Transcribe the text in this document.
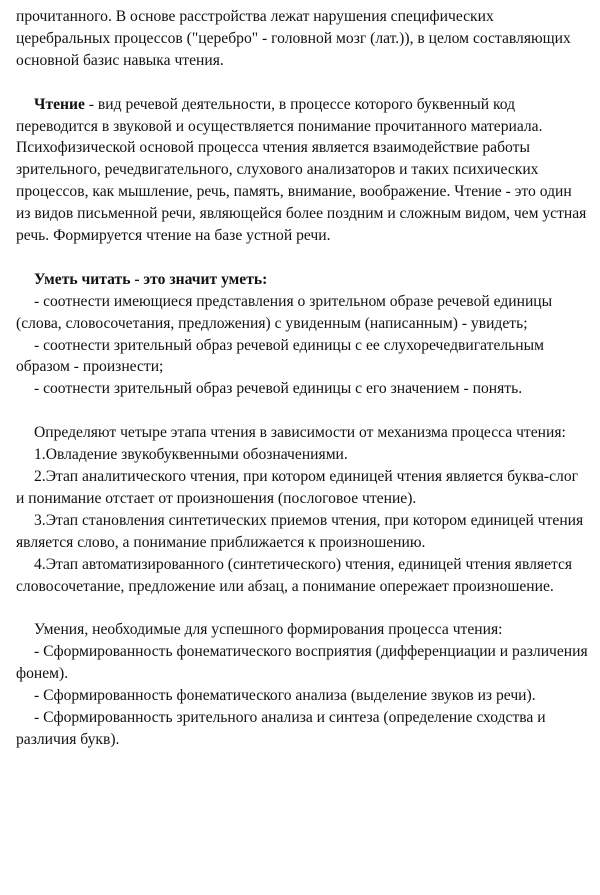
прочитанного. В основе расстройства лежат нарушения специфических церебральных процессов ("церебро" - головной мозг (лат.)), в целом составляющих основной базис навыка чтения.

Чтение - вид речевой деятельности, в процессе которого буквенный код переводится в звуковой и осуществляется понимание прочитанного материала. Психофизической основой процесса чтения является взаимодействие работы зрительного, речедвигательного, слухового анализаторов и таких психических процессов, как мышление, речь, память, внимание, воображение. Чтение - это один из видов письменной речи, являющейся более поздним и сложным видом, чем устная речь. Формируется чтение на базе устной речи.

Уметь читать - это значит уметь:

- соотнести имеющиеся представления о зрительном образе речевой единицы (слова, словосочетания, предложения) с увиденным (написанным) - увидеть;

- соотнести зрительный образ речевой единицы с ее слухоречедвигательным образом - произнести;

- соотнести зрительный образ речевой единицы с его значением - понять.

Определяют четыре этапа чтения в зависимости от механизма процесса чтения:

1.Овладение звукобуквенными обозначениями.

2.Этап аналитического чтения, при котором единицей чтения является буква-слог и понимание отстает от произношения (послоговое чтение).

3.Этап становления синтетических приемов чтения, при котором единицей чтения является слово, а понимание приближается к произношению.

4.Этап автоматизированного (синтетического) чтения, единицей чтения является словосочетание, предложение или абзац, а понимание опережает произношение.

Умения, необходимые для успешного формирования процесса чтения:

- Сформированность фонематического восприятия (дифференциации и различения фонем).

- Сформированность фонематического анализа (выделение звуков из речи).

- Сформированность зрительного анализа и синтеза (определение сходства и различия букв).
